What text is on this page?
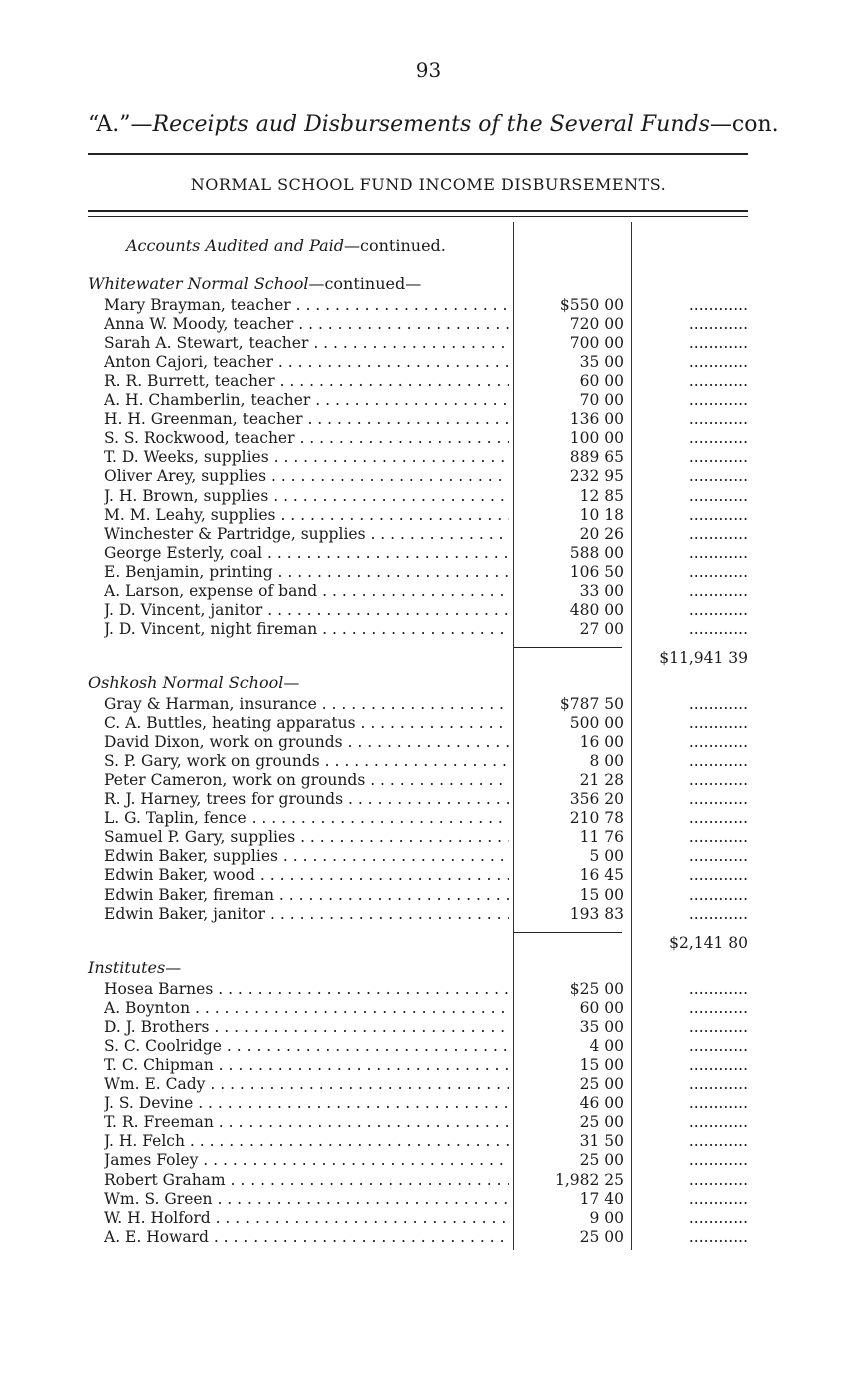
93
“A.”—Receipts aud Disbursements of the Several Funds—con.
NORMAL SCHOOL FUND INCOME DISBURSEMENTS.
Accounts Audited and Paid—continued.
Whitewater Normal School—continued—
Mary Brayman, teacher . . .	$550 00	............
Anna W. Moody, teacher . . .	720 00	............
Sarah A. Stewart, teacher . . .	700 00	............
Anton Cajori, teacher . . .	35 00	............
R. R. Burrett, teacher . . .	60 00	............
A. H. Chamberlin, teacher . . .	70 00	............
H. H. Greenman, teacher . . .	136 00	............
S. S. Rockwood, teacher . . .	100 00	............
T. D. Weeks, supplies . . .	889 65	............
Oliver Arey, supplies . . .	232 95	............
J. H. Brown, supplies . . .	12 85	............
M. M. Leahy, supplies . . .	10 18	............
Winchester & Partridge, supplies . . .	20 26	............
George Esterly, coal . . .	588 00	............
E. Benjamin, printing . . .	106 50	............
A. Larson, expense of band . . .	33 00	............
J. D. Vincent, janitor . . .	480 00	............
J. D. Vincent, night fireman . . .	27 00	............
$11,941 39
Oshkosh Normal School—
Gray & Harman, insurance . . .	$787 50	............
C. A. Buttles, heating apparatus . . .	500 00	............
David Dixon, work on grounds . . .	16 00	............
S. P. Gary, work on grounds . . .	8 00	............
Peter Cameron, work on grounds . . .	21 28	............
R. J. Harney, trees for grounds . . .	356 20	............
L. G. Taplin, fence . . .	210 78	............
Samuel P. Gary, supplies . . .	11 76	............
Edwin Baker, supplies . . .	5 00	............
Edwin Baker, wood . . .	16 45	............
Edwin Baker, fireman . . .	15 00	............
Edwin Baker, janitor . . .	193 83	............
$2,141 80
Institutes—
Hosea Barnes . . .	$25 00	............
A. Boynton . . .	60 00	............
D. J. Brothers . . .	35 00	............
S. C. Coolridge . . .	4 00	............
T. C. Chipman . . .	15 00	............
Wm. E. Cady . . .	25 00	............
J. S. Devine . . .	46 00	............
T. R. Freeman . . .	25 00	............
J. H. Felch . . .	31 50	............
James Foley . . .	25 00	............
Robert Graham . . .	1,982 25	............
Wm. S. Green . . .	17 40	............
W. H. Holford . . .	9 00	............
A. E. Howard . . .	25 00	............
